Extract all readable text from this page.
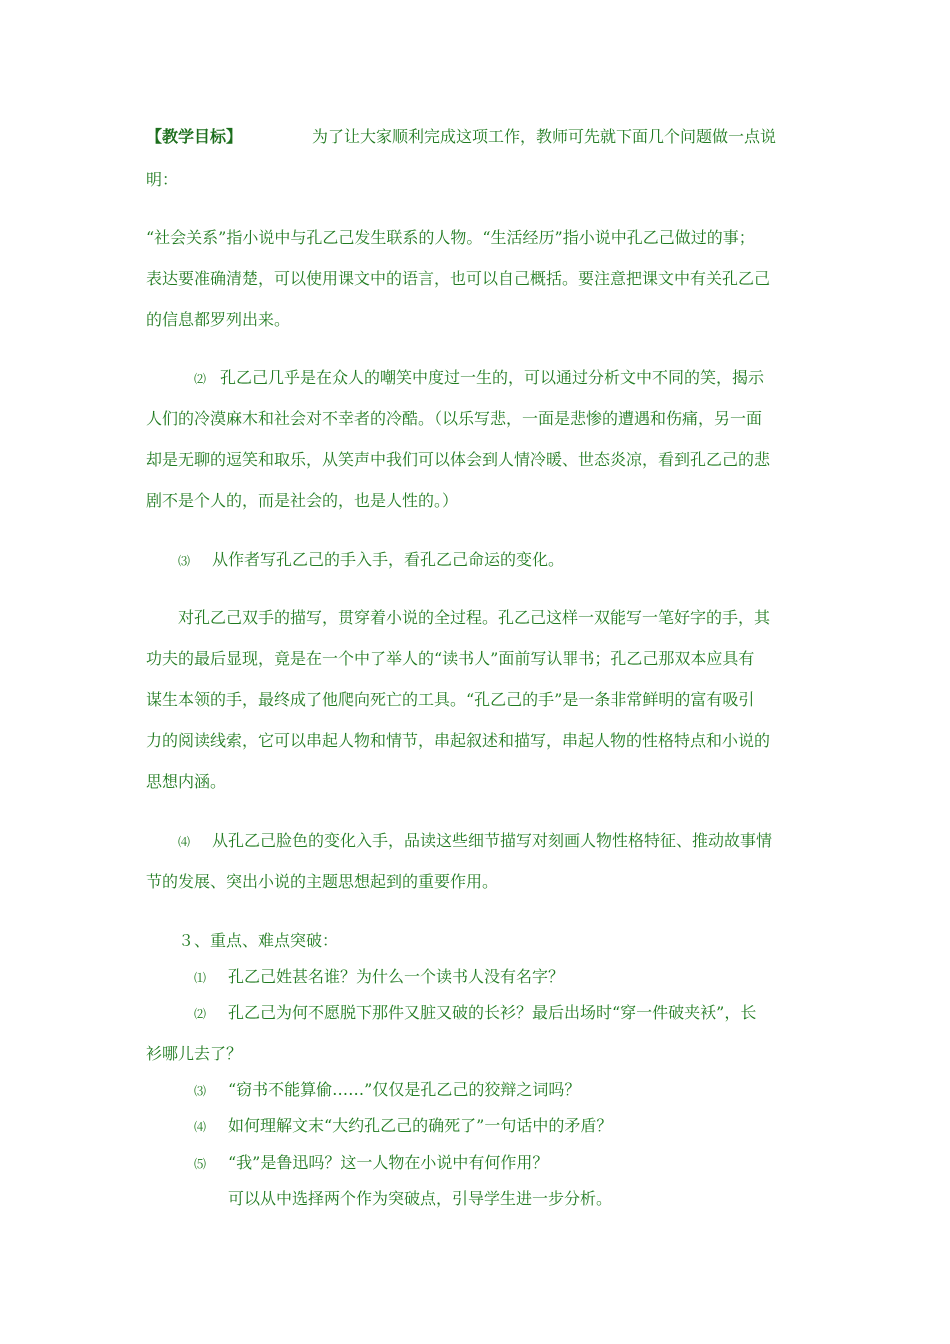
【教学目标】	为了让大家顺利完成这项工作，教师可先就下面几个问题做一点说
明：
“社会关系”指小说中与孔乙己发生联系的人物。“生活经历”指小说中孔乙己做过的事；
表达要准确清楚，可以使用课文中的语言，也可以自己概括。要注意把课文中有关孔乙己
的信息都罗列出来。
⑵ 孔乙己几乎是在众人的嘲笑中度过一生的，可以通过分析文中不同的笑，揭示
人们的冷漠麻木和社会对不幸者的冷酷。（以乐写悲，一面是悲惨的遭遇和伤痛，另一面
却是无聊的逗笑和取乐，从笑声中我们可以体会到人情冷暖、世态炎凉，看到孔乙己的悲
剧不是个人的，而是社会的，也是人性的。）
⑶ 从作者写孔乙己的手入手，看孔乙己命运的变化。
对孔乙己双手的描写，贯穿着小说的全过程。孔乙己这样一双能写一笔好字的手，其
功夫的最后显现，竟是在一个中了举人的“读书人”面前写认罪书；孔乙己那双本应具有
谋生本领的手，最终成了他爬向死亡的工具。“孔乙己的手”是一条非常鲜明的富有吸引
力的阅读线索，它可以串起人物和情节，串起叙述和描写，串起人物的性格特点和小说的
思想内涵。
⑷ 从孔乙己脸色的变化入手，品读这些细节描写对刻画人物性格特征、推动故事情
节的发展、突出小说的主题思想起到的重要作用。
３、重点、难点突破：
⑴ 孔乙己姓甚名谁？为什么一个读书人没有名字？
⑵ 孔乙己为何不愿脱下那件又脏又破的长衫？最后出场时“穿一件破夹袄”，长
衫哪儿去了？
⑶ “窃书不能算偷……”仅仅是孔乙己的狡辩之词吗？
⑷ 如何理解文末“大约孔乙己的确死了”一句话中的矛盾？
⑸ “我”是鲁迅吗？这一人物在小说中有何作用？
可以从中选择两个作为突破点，引导学生进一步分析。
